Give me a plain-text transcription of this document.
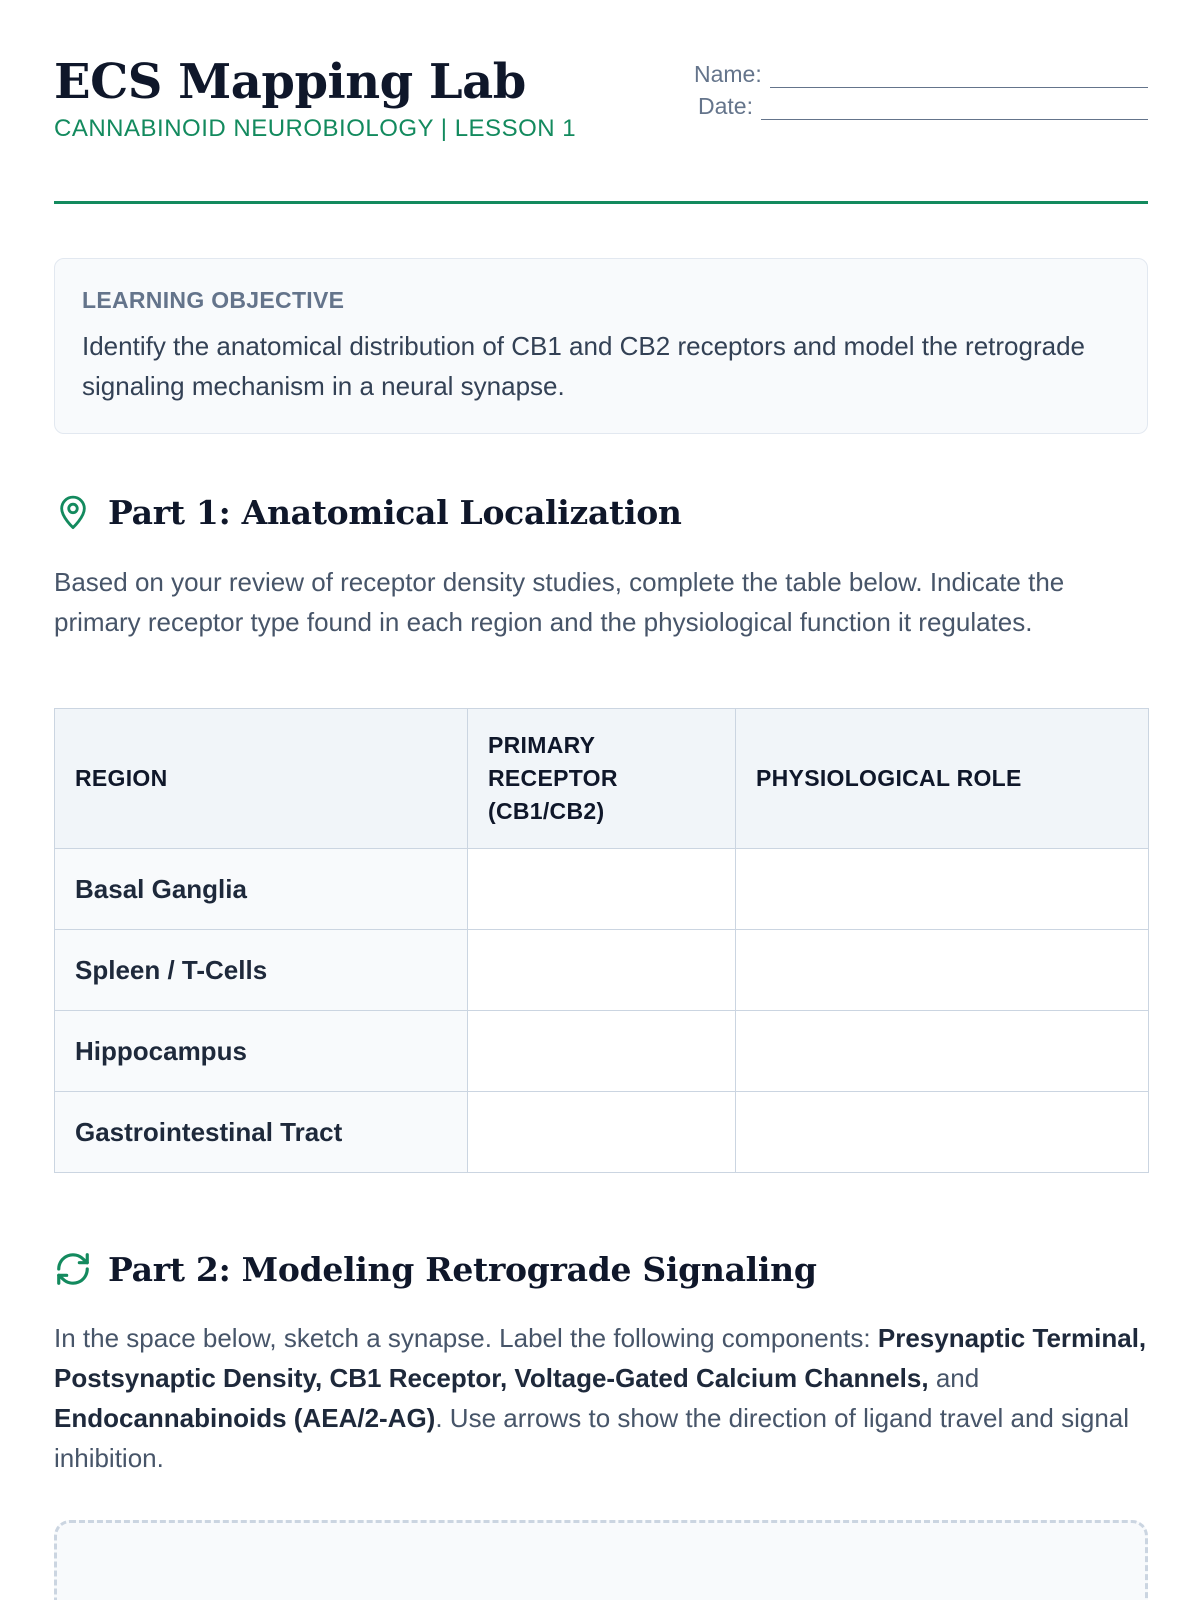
ECS Mapping Lab
CANNABINOID NEUROBIOLOGY | LESSON 1
Name:
Date:
LEARNING OBJECTIVE
Identify the anatomical distribution of CB1 and CB2 receptors and model the retrograde signaling mechanism in a neural synapse.
Part 1: Anatomical Localization

Based on your review of receptor density studies, complete the table below. Indicate the primary receptor type found in each region and the physiological function it regulates.

REGION	PRIMARY RECEPTOR (CB1/CB2)	PHYSIOLOGICAL ROLE
Basal Ganglia		
Spleen / T-Cells		
Hippocampus		
Gastrointestinal Tract		
Part 2: Modeling Retrograde Signaling

In the space below, sketch a synapse. Label the following components: Presynaptic Terminal, Postsynaptic Density, CB1 Receptor, Voltage-Gated Calcium Channels, and Endocannabinoids (AEA/2-AG). Use arrows to show the direction of ligand travel and signal inhibition.
